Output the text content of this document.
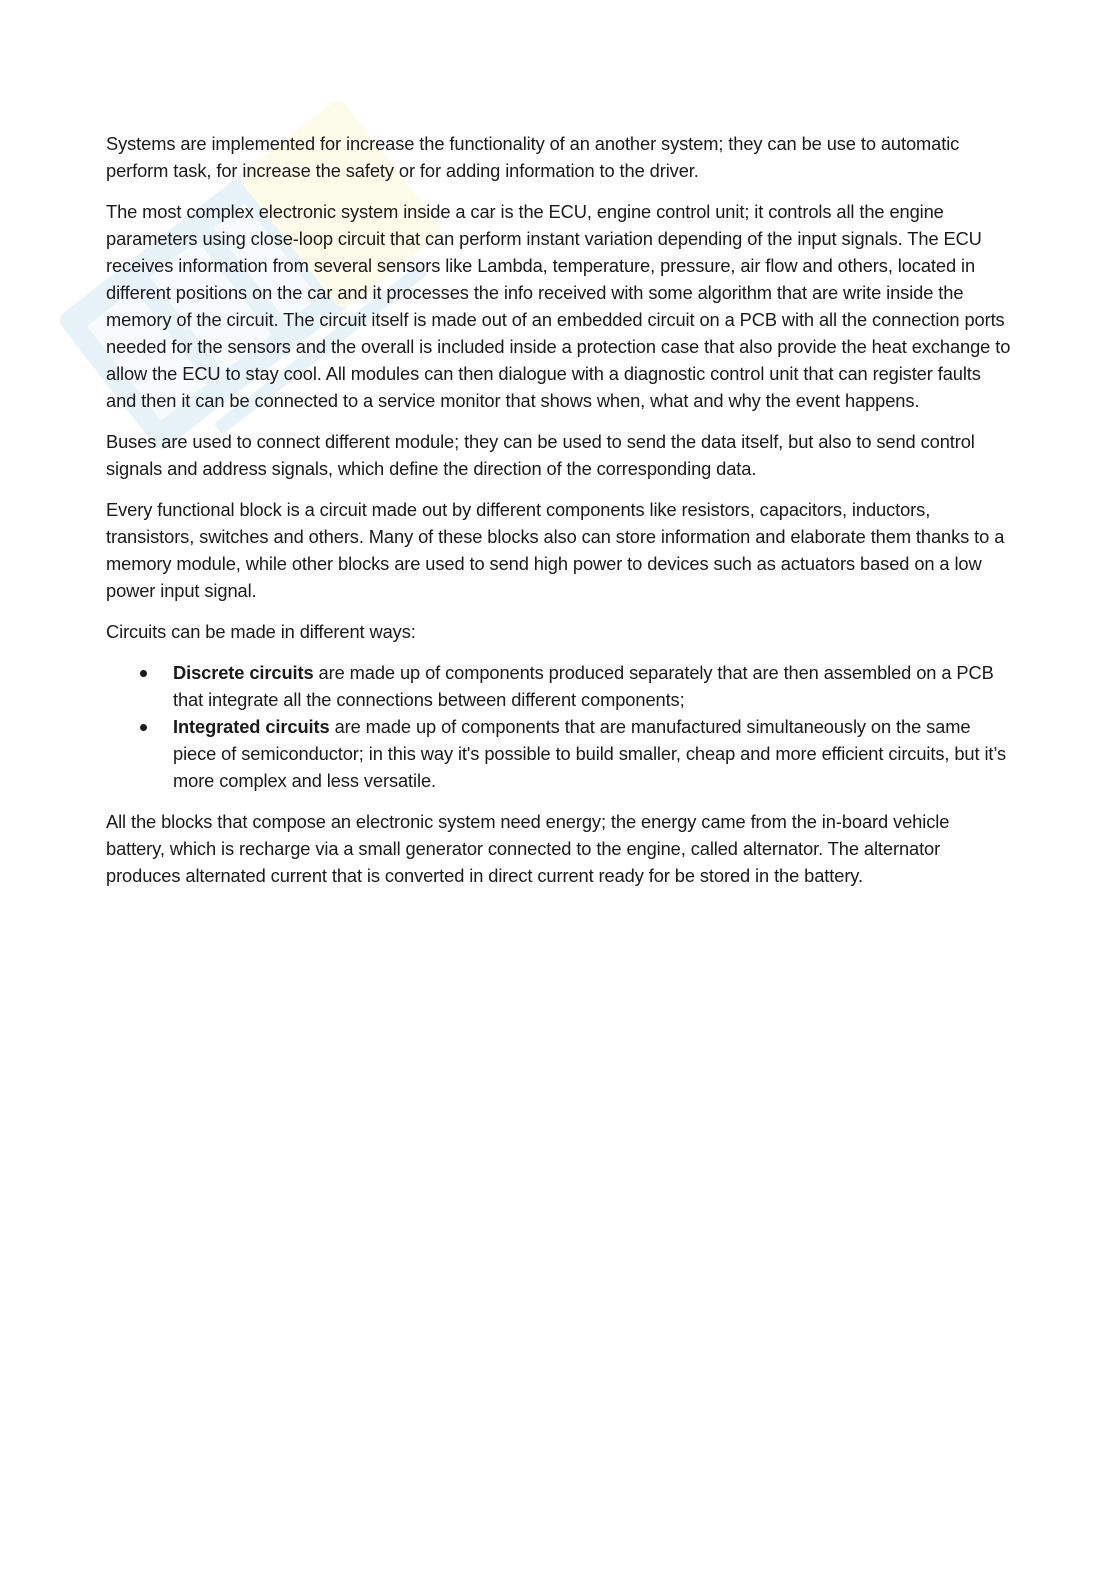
Systems are implemented for increase the functionality of an another system; they can be use to automatic perform task, for increase the safety or for adding information to the driver.

The most complex electronic system inside a car is the ECU, engine control unit; it controls all the engine parameters using close-loop circuit that can perform instant variation depending of the input signals. The ECU receives information from several sensors like Lambda, temperature, pressure, air flow and others, located in different positions on the car and it processes the info received with some algorithm that are write inside the memory of the circuit. The circuit itself is made out of an embedded circuit on a PCB with all the connection ports needed for the sensors and the overall is included inside a protection case that also provide the heat exchange to allow the ECU to stay cool. All modules can then dialogue with a diagnostic control unit that can register faults and then it can be connected to a service monitor that shows when, what and why the event happens.

Buses are used to connect different module; they can be used to send the data itself, but also to send control signals and address signals, which define the direction of the corresponding data.

Every functional block is a circuit made out by different components like resistors, capacitors, inductors, transistors, switches and others. Many of these blocks also can store information and elaborate them thanks to a memory module, while other blocks are used to send high power to devices such as actuators based on a low power input signal.

Circuits can be made in different ways:

Discrete circuits are made up of components produced separately that are then assembled on a PCB that integrate all the connections between different components;
Integrated circuits are made up of components that are manufactured simultaneously on the same piece of semiconductor; in this way it's possible to build smaller, cheap and more efficient circuits, but it’s more complex and less versatile.

All the blocks that compose an electronic system need energy; the energy came from the in-board vehicle battery, which is recharge via a small generator connected to the engine, called alternator. The alternator produces alternated current that is converted in direct current ready for be stored in the battery.
